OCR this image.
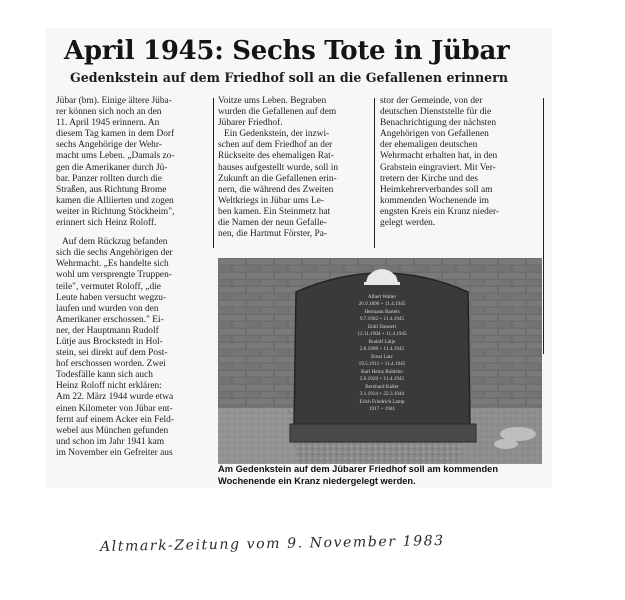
April 1945: Sechs Tote in Jübar
Gedenkstein auf dem Friedhof soll an die Gefallenen erinnern

Jübar (bm). Einige ältere Jüba-

rer können sich noch an den

11. April 1945 erinnern. An

diesem Tag kamen in dem Dorf

sechs Angehörige der Wehr-

macht ums Leben. „Damals zo-

gen die Amerikaner durch Jü-

bar. Panzer rollten durch die

Straßen, aus Richtung Brome

kamen die Alliierten und zogen

weiter in Richtung Stöckheim",

erinnert sich Heinz Roloff.

Auf dem Rückzug befanden

sich die sechs Angehörigen der

Wehrmacht. „Es handelte sich

wohl um versprengte Truppen-

teile", vermutet Roloff, „die

Leute haben versucht wegzu-

laufen und wurden von den

Amerikaner erschossen." Ei-

ner, der Hauptmann Rudolf

Lütje aus Brockstedt in Hol-

stein, sei direkt auf dem Post-

hof erschossen worden. Zwei

Todesfälle kann sich auch

Heinz Roloff nicht erklären:

Am 22. März 1944 wurde etwa

einen Kilometer von Jübar ent-

fernt auf einem Acker ein Feld-

webel aus München gefunden

und schon im Jahr 1941 kam

im November ein Gefreiter aus

Voitze ums Leben. Begraben

wurden die Gefallenen auf dem

Jübarer Friedhof.

Ein Gedenkstein, der inzwi-

schen auf dem Friedhof an der

Rückseite des ehemaligen Rat-

hauses aufgestellt wurde, soll in

Zukunft an die Gefallenen erin-

nern, die während des Zweiten

Weltkriegs in Jübar ums Le-

ben kamen. Ein Steinmetz hat

die Namen der neun Gefalle-

nen, die Hartmut Förster, Pa-

stor der Gemeinde, von der

deutschen Dienststelle für die

Benachrichtigung der nächsten

Angehörigen von Gefallenen

der ehemaligen deutschen

Wehrmacht erhalten hat, in den

Grabstein eingraviert. Mit Ver-

tretern der Kirche und des

Heimkehrerverbandes soll am

kommenden Wochenende im

engsten Kreis ein Kranz nieder-

gelegt werden.

Albert Walter
26.9.1896 + 11.4.1945
Hermann Bartels
9.7.1902 + 11.4.1945
Emil Dannert
12.11.1904 + 11.4.1945
Rudolf Lütje
2.8.1908 + 11.4.1945
Ernst Lutz
19.5.1911 + 11.4.1945
Karl Heinz Rohlehn
5.6.1920 + 11.4.1945
Bernhard Kaller
3.1.1914 + 22.3.1944
Erich Friedrich Lamp
1917 + 1941
Am Gedenkstein auf dem Jübarer Friedhof soll am kommenden
Wochenende ein Kranz niedergelegt werden.
Altmark-Zeitung vom 9. November 1983
